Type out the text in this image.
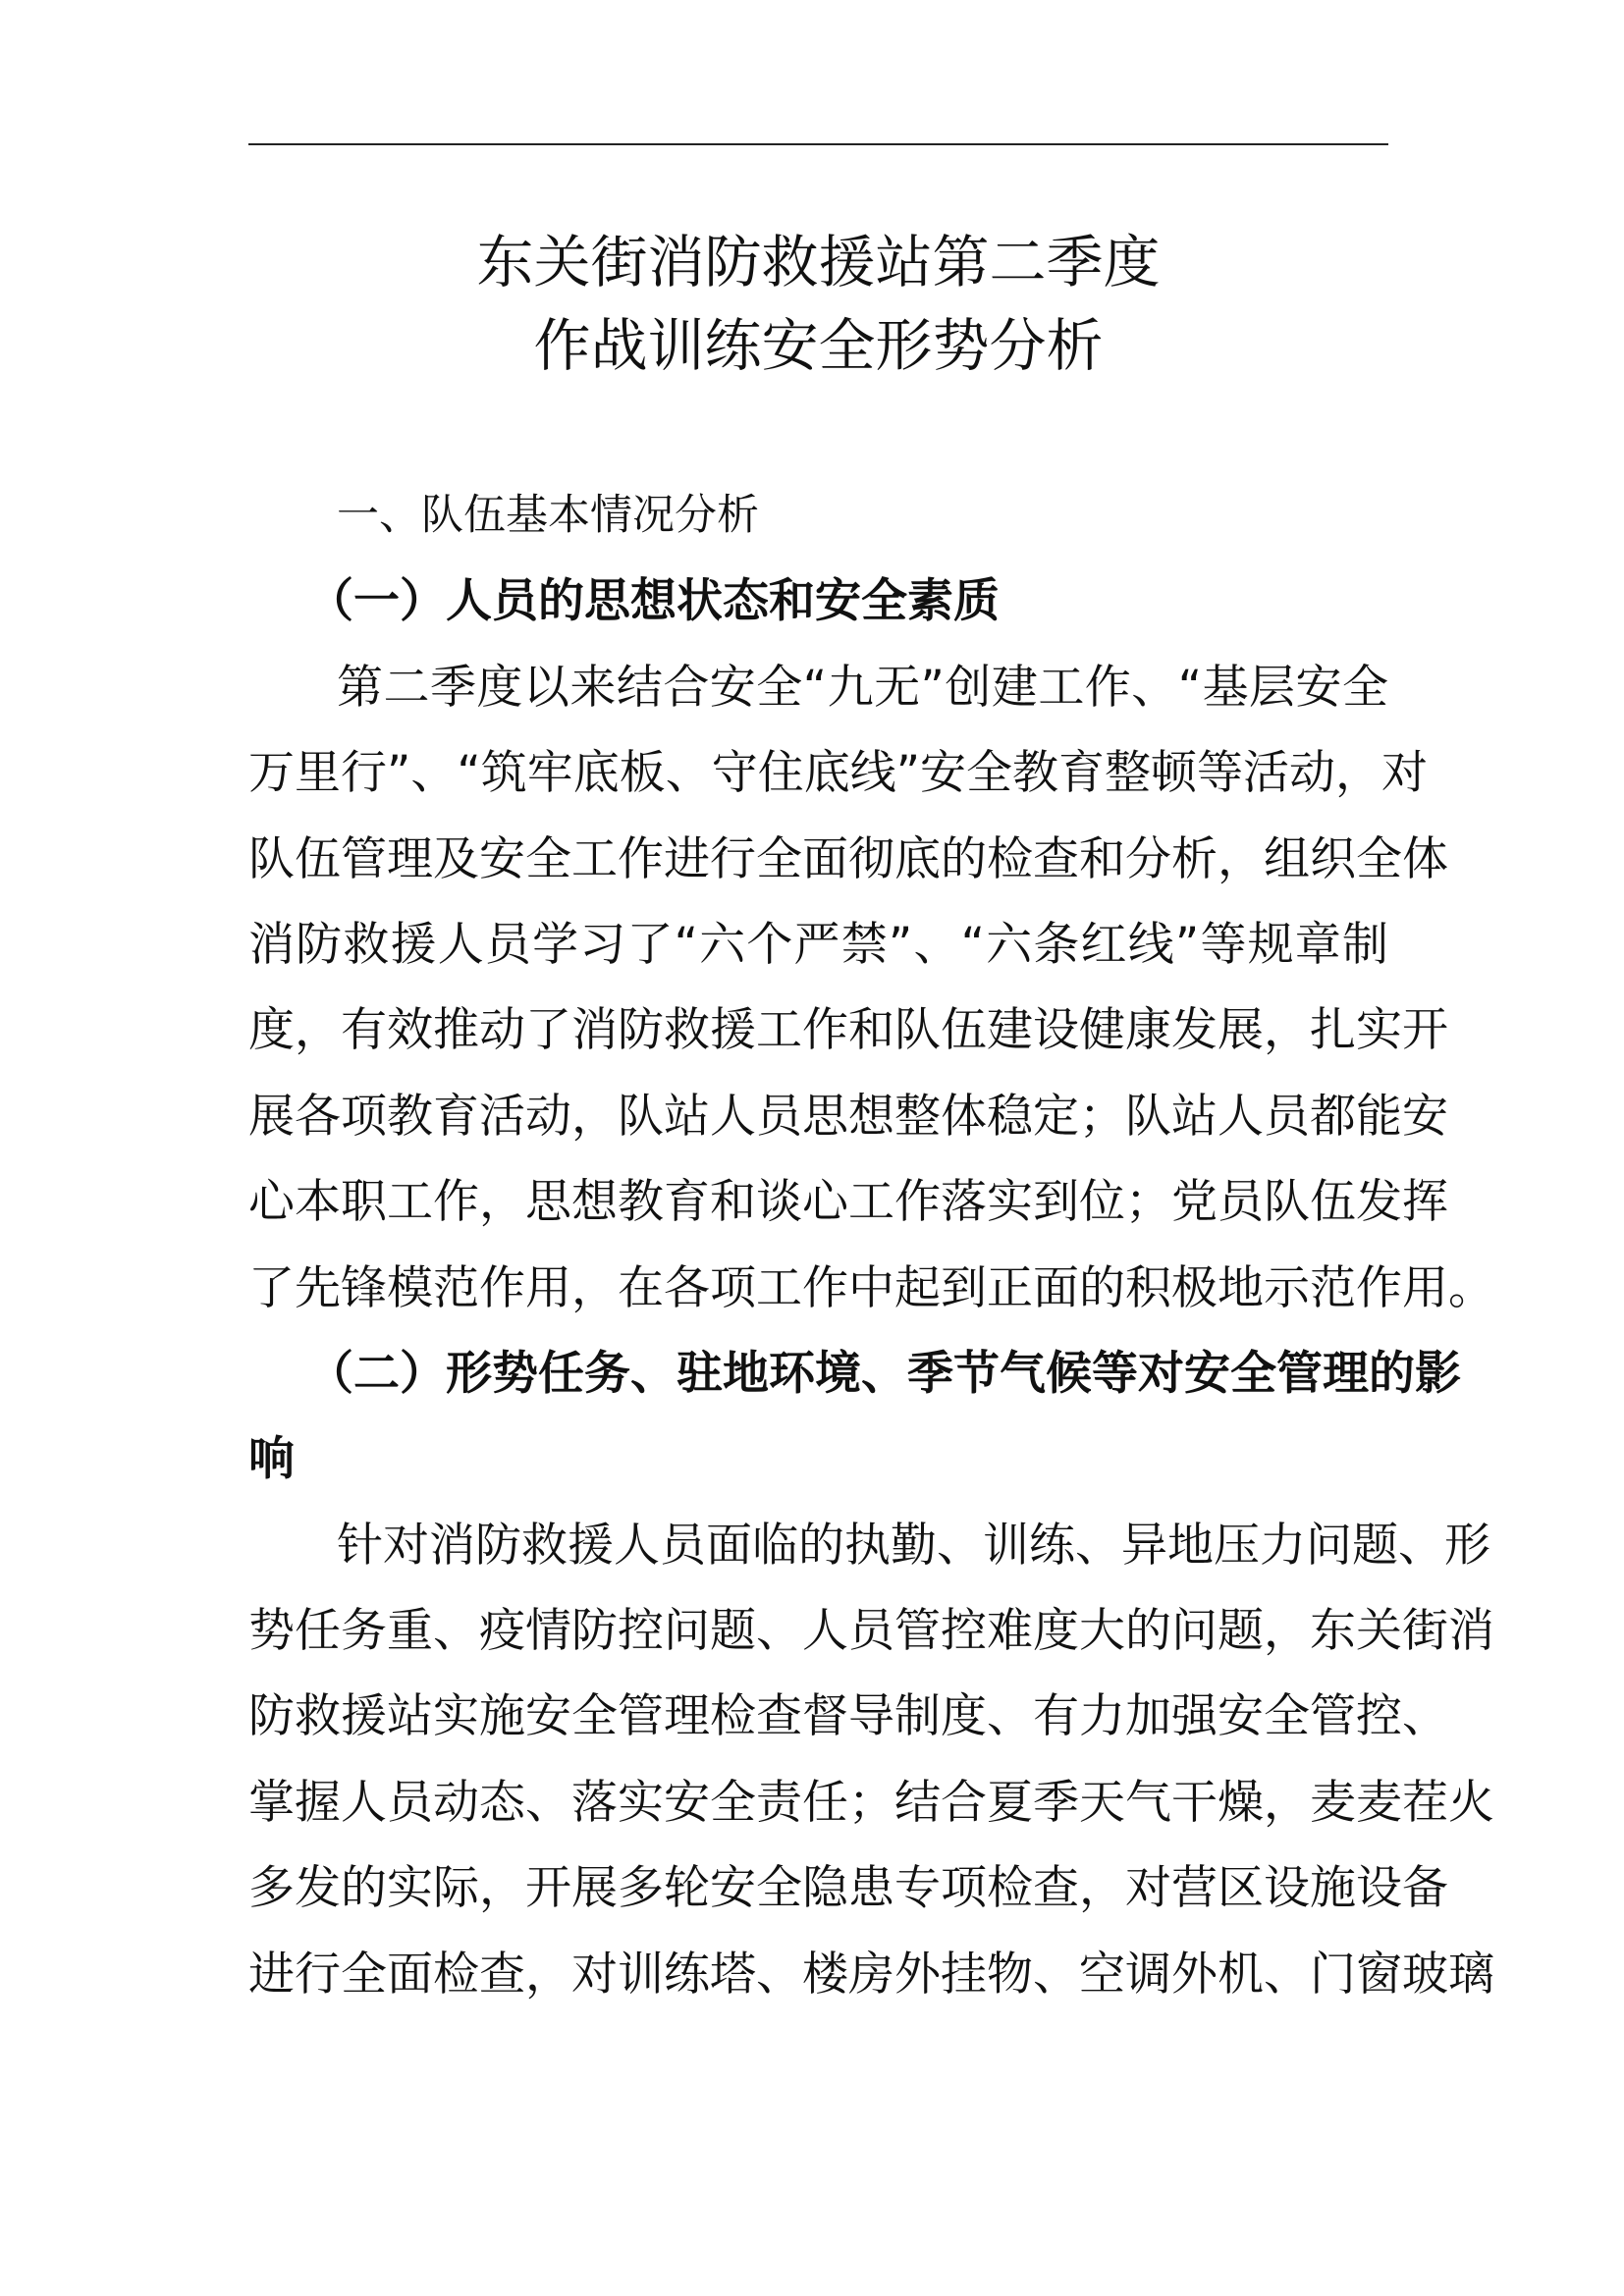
东关街消防救援站第二季度
作战训练安全形势分析
一、队伍基本情况分析
（一）人员的思想状态和安全素质
第二季度以来结合安全“九无”创建工作、“基层安全
万里行”、“筑牢底板、守住底线”安全教育整顿等活动，对
队伍管理及安全工作进行全面彻底的检查和分析，组织全体
消防救援人员学习了“六个严禁”、“六条红线”等规章制
度，有效推动了消防救援工作和队伍建设健康发展，扎实开
展各项教育活动，队站人员思想整体稳定；队站人员都能安
心本职工作，思想教育和谈心工作落实到位；党员队伍发挥
了先锋模范作用，在各项工作中起到正面的积极地示范作用。
（二）形势任务、驻地环境、季节气候等对安全管理的影
响
针对消防救援人员面临的执勤、训练、异地压力问题、形
势任务重、疫情防控问题、人员管控难度大的问题，东关街消
防救援站实施安全管理检查督导制度、有力加强安全管控、
掌握人员动态、落实安全责任；结合夏季天气干燥，麦麦茬火
多发的实际，开展多轮安全隐患专项检查，对营区设施设备
进行全面检查，对训练塔、楼房外挂物、空调外机、门窗玻璃
